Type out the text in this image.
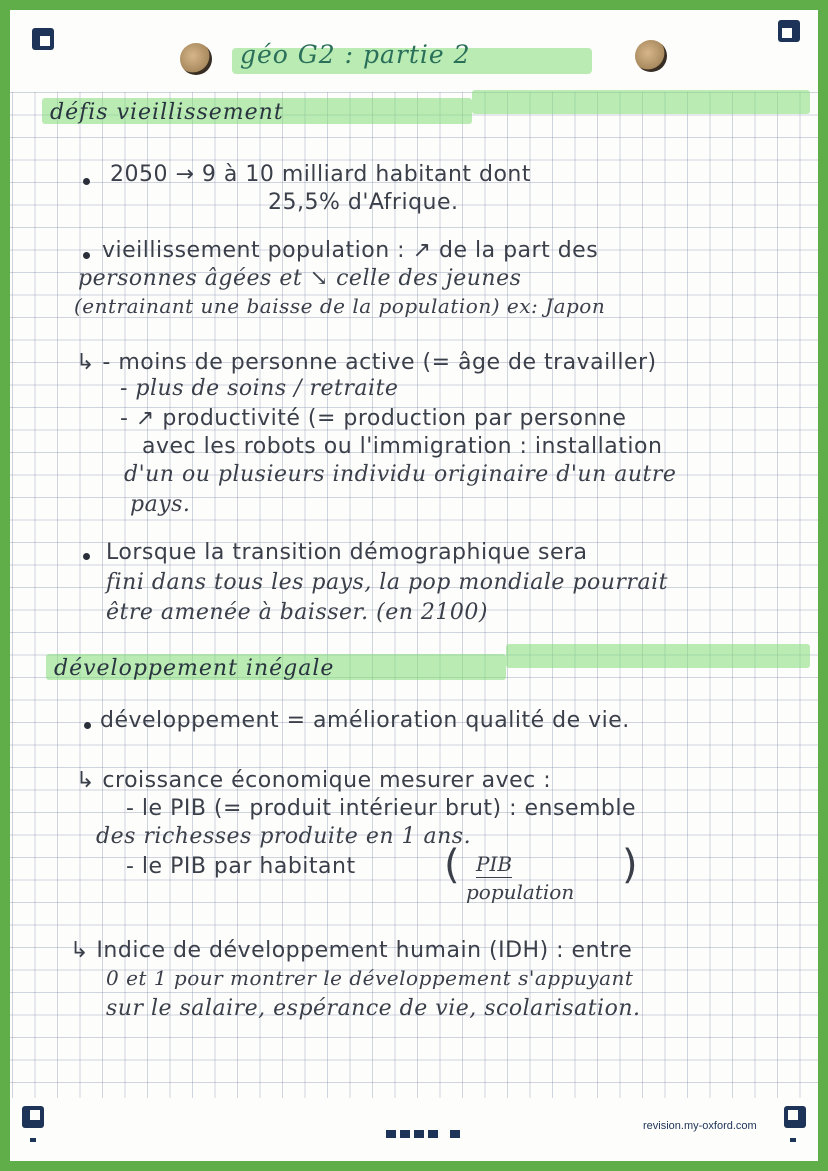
géo G2 : partie 2
défis vieillissement
2050 → 9 à 10 milliard habitant dont
25,5% d'Afrique.
vieillissement population : ↗ de la part des
personnes âgées et ↘ celle des jeunes
(entrainant une baisse de la population) ex: Japon
↳ - moins de personne active (= âge de travailler)
- plus de soins / retraite
- ↗ productivité (= production par personne
avec les robots ou l'immigration : installation
d'un ou plusieurs individu originaire d'un autre
pays.
Lorsque la transition démographique sera
fini dans tous les pays, la pop mondiale pourrait
être amenée à baisser. (en 2100)
développement inégale
développement = amélioration qualité de vie.
↳ croissance économique mesurer avec :
- le PIB (= produit intérieur brut) : ensemble
des richesses produite en 1 ans.
- le PIB par habitant ( PIB
population
)
↳ Indice de développement humain (IDH) : entre
0 et 1 pour montrer le développement s'appuyant
sur le salaire, espérance de vie, scolarisation.
revision.my-oxford.com
